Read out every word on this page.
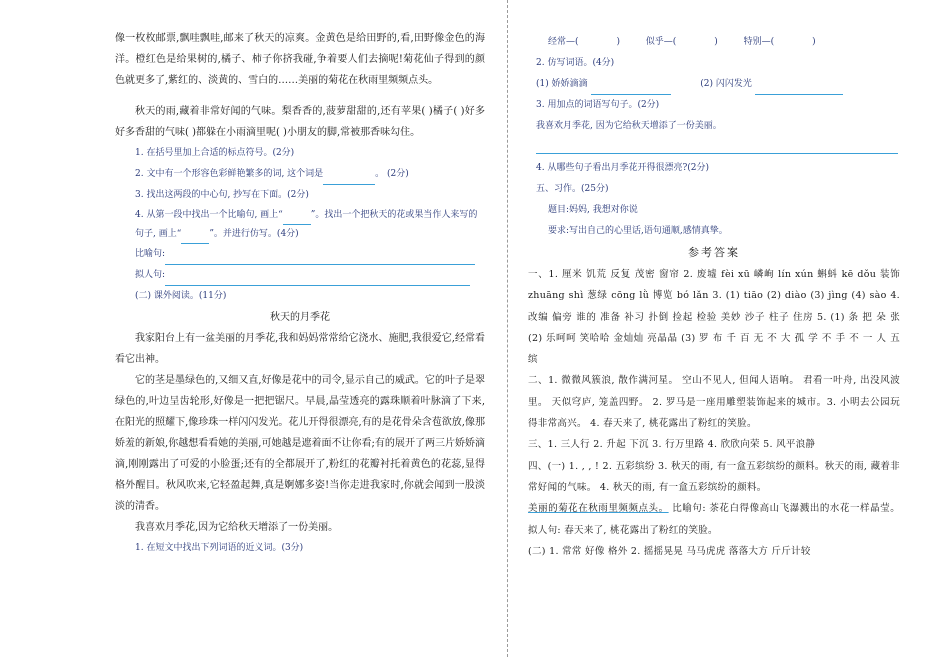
像一枚枚邮票,飘哇飘哇,邮来了秋天的凉爽。金黄色是给田野的,看,田野像金色的海洋。橙红色是给果树的,橘子、柿子你挤我碰,争着要人们去摘呢!菊花仙子得到的颜色就更多了,紫红的、淡黄的、雪白的……美丽的菊花在秋雨里频频点头。

秋天的雨,藏着非常好闻的气味。梨香香的,菠萝甜甜的,还有苹果( )橘子( )好多好多香甜的气味( )都躲在小雨滴里呢( )小朋友的脚,常被那香味勾住。

1. 在括号里加上合适的标点符号。(2分)

2. 文中有一个形容色彩鲜艳繁多的词, 这个词是	。 (2分)

3. 找出这两段的中心句, 抄写在下面。(2分)

4. 从第一段中找出一个比喻句, 画上“	”。找出一个把秋天的花或果当作人来写的句子, 画上“	”。并进行仿写。(4分)

比喻句:

拟人句:

(二) 课外阅读。(11分)

秋天的月季花

我家阳台上有一盆美丽的月季花,我和妈妈常常给它浇水、施肥,我很爱它,经常看看它出神。

它的茎是墨绿色的,又细又直,好像是花中的司令,显示自己的威武。它的叶子是翠绿色的,叶边呈齿轮形,好像是一把把锯尺。早晨,晶莹透亮的露珠顺着叶脉滴了下来,在阳光的照耀下,像珍珠一样闪闪发光。花儿开得很漂亮,有的是花骨朵含苞欲放,像那娇羞的新娘,你越想看看她的美丽,可她越是遮着面不让你看;有的展开了两三片娇娇滴滴,刚刚露出了可爱的小脸蛋;还有的全都展开了,粉红的花瓣衬托着黄色的花蕊,显得格外醒目。秋风吹来,它轻盈起舞,真是婀娜多姿!当你走进我家时,你就会闻到一股淡淡的清香。

我喜欢月季花,因为它给秋天增添了一份美丽。

1. 在短文中找出下列词语的近义词。(3分)

经常—(	)	似乎—(	)	特别—(	)

2. 仿写词语。(4分)

(1) 娇娇滴滴	(2) 闪闪发光

3. 用加点的词语写句子。(2分)

我喜欢月季花, 因为它给秋天增添了一份美丽。

4. 从哪些句子看出月季花开得很漂亮?(2分)

五、习作。(25分)

题目:妈妈, 我想对你说

要求:写出自己的心里话,语句通顺,感情真挚。

参考答案

一、1. 厘米 饥荒 反复 茂密 窗帘 2. 废墟 fèi xū 嶙峋 lín xún 蝌蚪 kē dǒu 装饰 zhuāng shì 葱绿 cōng lǜ 博览 bó lǎn 3. (1) tiāo (2) diào (3) jìng (4) sào 4. 改编 偏旁 谁的 准备 补习 扑倒 捡起 检验 美妙 沙子 柱子 住房 5. (1) 条 把 朵 张 (2) 乐呵呵 笑哈哈 金灿灿 亮晶晶 (3) 罗 布 千 百 无 不 大 孤 学 不 手 不 一 人 五 缤

二、1. 微微风簇浪, 散作满河星。 空山不见人, 但闻人语响。 君看一叶舟, 出没风波里。 天似穹庐, 笼盖四野。 2. 罗马是一座用雕塑装饰起来的城市。3. 小明去公园玩得非常高兴。 4. 春天来了, 桃花露出了粉红的笑脸。

三、1. 三人行 2. 升起 下沉 3. 行万里路 4. 欣欣向荣 5. 风平浪静

四、(一) 1. , , ! 2. 五彩缤纷 3. 秋天的雨, 有一盒五彩缤纷的颜料。秋天的雨, 藏着非常好闻的气味。 4. 秋天的雨, 有一盒五彩缤纷的颜料。

美丽的菊花在秋雨里频频点头。 比喻句: 茶花白得像高山飞瀑溅出的水花一样晶莹。 拟人句: 春天来了, 桃花露出了粉红的笑脸。

(二) 1. 常常 好像 格外 2. 摇摇晃晃 马马虎虎 落落大方 斤斤计较
